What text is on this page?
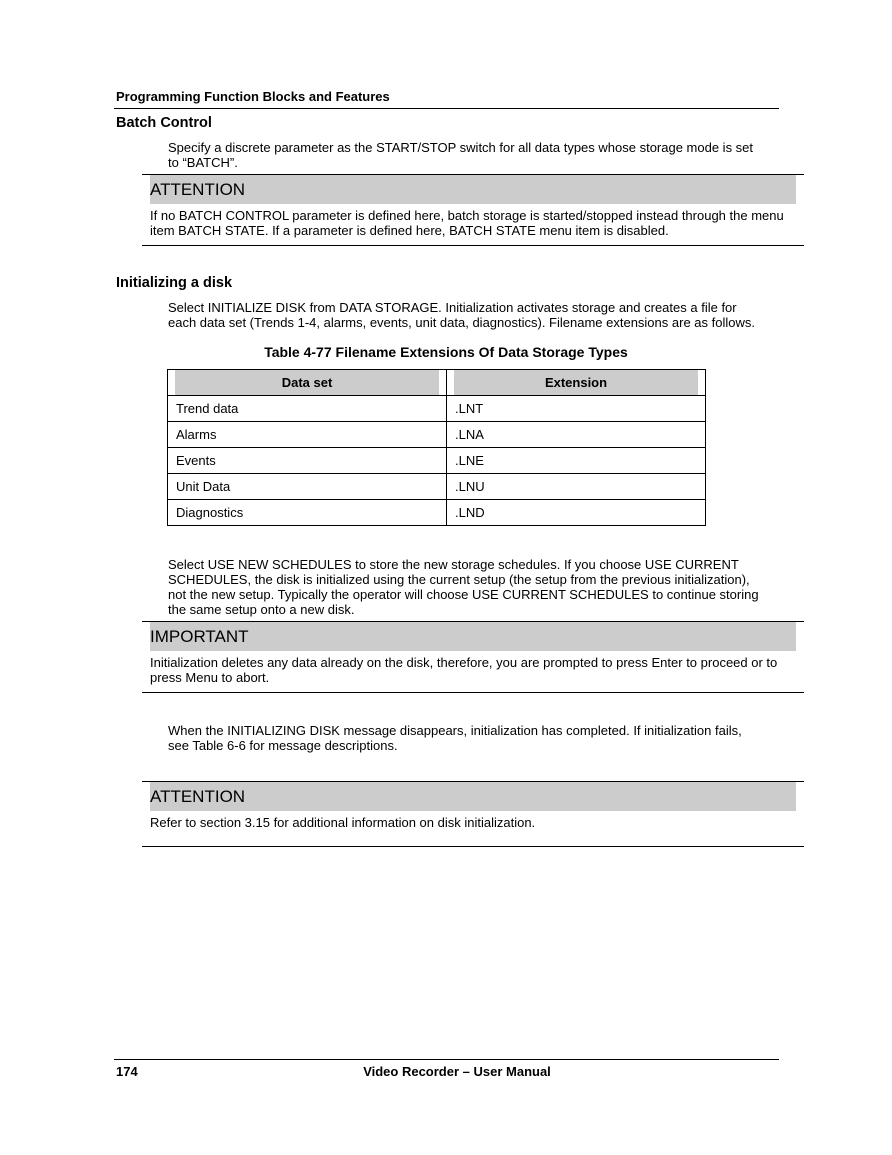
Programming Function Blocks and Features
Batch Control
Specify a discrete parameter as the START/STOP switch for all data types whose storage mode is set
to “BATCH”.
ATTENTION
If no BATCH CONTROL parameter is defined here, batch storage is started/stopped instead through the menu
item BATCH STATE. If a parameter is defined here, BATCH STATE menu item is disabled.
Initializing a disk
Select INITIALIZE DISK from DATA STORAGE. Initialization activates storage and creates a file for
each data set (Trends 1-4, alarms, events, unit data, diagnostics). Filename extensions are as follows.
Table 4-77 Filename Extensions Of Data Storage Types
Data set	Extension

Trend data	.LNT
Alarms	.LNA
Events	.LNE
Unit Data	.LNU
Diagnostics	.LND
Select USE NEW SCHEDULES to store the new storage schedules. If you choose USE CURRENT
SCHEDULES, the disk is initialized using the current setup (the setup from the previous initialization),
not the new setup. Typically the operator will choose USE CURRENT SCHEDULES to continue storing
the same setup onto a new disk.
IMPORTANT
Initialization deletes any data already on the disk, therefore, you are prompted to press Enter to proceed or to
press Menu to abort.
When the INITIALIZING DISK message disappears, initialization has completed. If initialization fails,
see Table 6-6 for message descriptions.
ATTENTION
Refer to section 3.15 for additional information on disk initialization.
174	Video Recorder – User Manual
